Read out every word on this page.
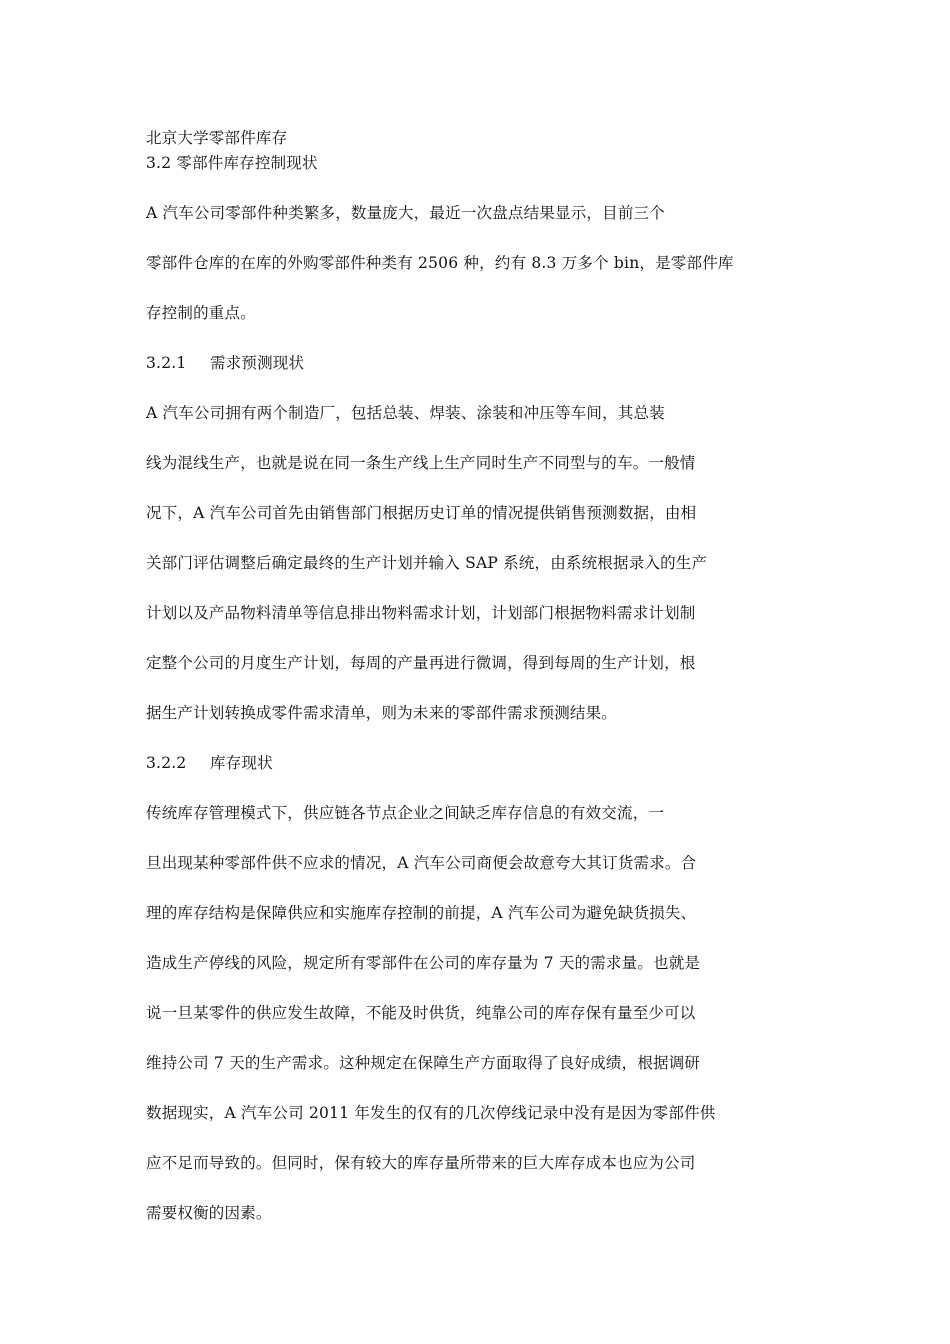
北京大学零部件库存
3.2 零部件库存控制现状
A 汽车公司零部件种类繁多，数量庞大，最近一次盘点结果显示，目前三个
零部件仓库的在库的外购零部件种类有 2506 种，约有 8.3 万多个 bin，是零部件库
存控制的重点。
3.2.1 需求预测现状
A 汽车公司拥有两个制造厂，包括总装、焊装、涂装和冲压等车间，其总装
线为混线生产，也就是说在同一条生产线上生产同时生产不同型与的车。一般情
况下，A 汽车公司首先由销售部门根据历史订单的情况提供销售预测数据，由相
关部门评估调整后确定最终的生产计划并输入 SAP 系统，由系统根据录入的生产
计划以及产品物料清单等信息排出物料需求计划，计划部门根据物料需求计划制
定整个公司的月度生产计划，每周的产量再进行微调，得到每周的生产计划，根
据生产计划转换成零件需求清单，则为未来的零部件需求预测结果。
3.2.2 库存现状
传统库存管理模式下，供应链各节点企业之间缺乏库存信息的有效交流，一
旦出现某种零部件供不应求的情况，A 汽车公司商便会故意夸大其订货需求。合
理的库存结构是保障供应和实施库存控制的前提，A 汽车公司为避免缺货损失、
造成生产停线的风险，规定所有零部件在公司的库存量为 7 天的需求量。也就是
说一旦某零件的供应发生故障，不能及时供货，纯靠公司的库存保有量至少可以
维持公司 7 天的生产需求。这种规定在保障生产方面取得了良好成绩，根据调研
数据现实，A 汽车公司 2011 年发生的仅有的几次停线记录中没有是因为零部件供
应不足而导致的。但同时，保有较大的库存量所带来的巨大库存成本也应为公司
需要权衡的因素。
